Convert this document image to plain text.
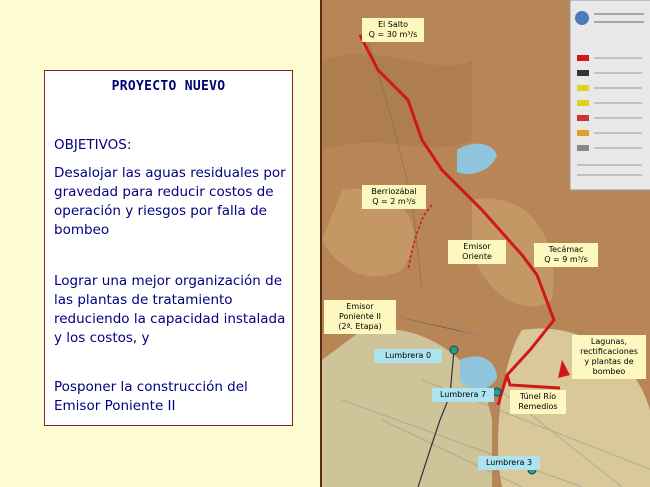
PROYECTO NUEVO
OBJETIVOS:
Desalojar las aguas residuales por gravedad para reducir costos de operación y riesgos por falla de bombeo
Lograr una mejor organización de las plantas de tratamiento reduciendo la capacidad instalada y los costos, y
Posponer la construcción del Emisor Poniente II
El Salto
Q = 30 m³/s
Berriozábal
Q = 2 m³/s
Emisor
Oriente
Tecámac
Q = 9 m³/s
Emisor
Poniente II
(2ª. Etapa)
Lagunas,
rectificaciones
y plantas de
bombeo
Lumbrera 0
Lumbrera 7	Túnel Río
Remedios
Lumbrera 3
